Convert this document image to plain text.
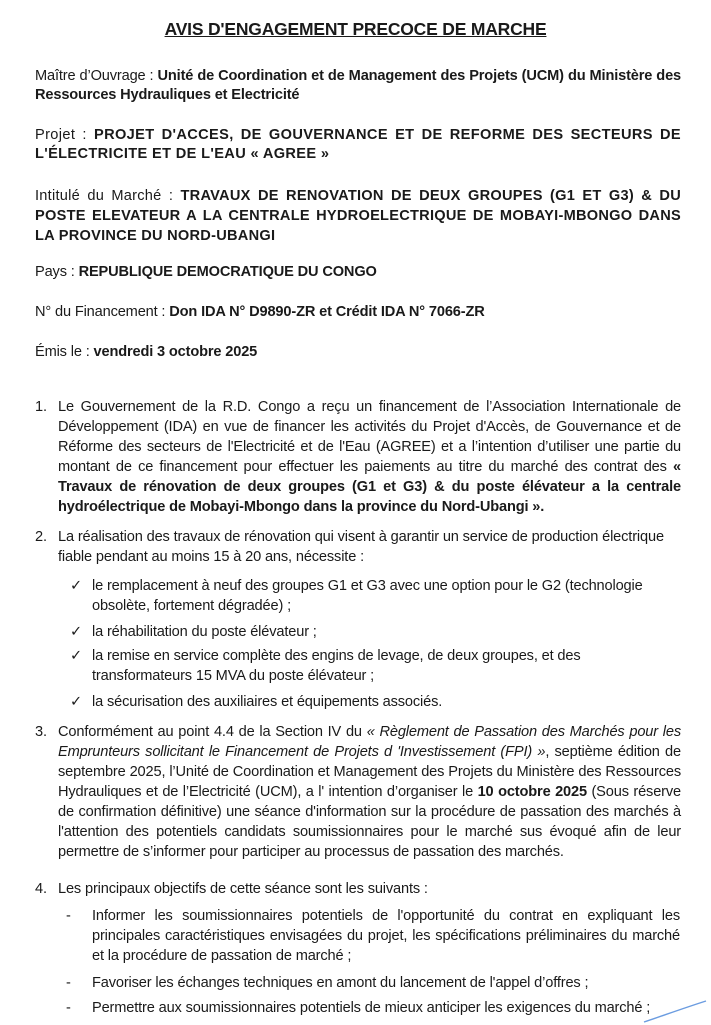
AVIS D'ENGAGEMENT PRECOCE DE MARCHE
Maître d’Ouvrage : Unité de Coordination et de Management des Projets (UCM) du Ministère des Ressources Hydrauliques et Electricité
Projet : PROJET D'ACCES, DE GOUVERNANCE ET DE REFORME DES SECTEURS DE L'ÉLECTRICITE ET DE L'EAU « AGREE »
Intitulé du Marché : TRAVAUX DE RENOVATION DE DEUX GROUPES (G1 ET G3) & DU POSTE ELEVATEUR A LA CENTRALE HYDROELECTRIQUE DE MOBAYI-MBONGO DANS LA PROVINCE DU NORD-UBANGI
Pays : REPUBLIQUE DEMOCRATIQUE DU CONGO
N° du Financement : Don IDA N° D9890-ZR et Crédit IDA N° 7066-ZR
Émis le : vendredi 3 octobre 2025
1. Le Gouvernement de la R.D. Congo a reçu un financement de l’Association Internationale de Développement (IDA) en vue de financer les activités du Projet d'Accès, de Gouvernance et de Réforme des secteurs de l'Electricité et de l'Eau (AGREE) et a l’intention d’utiliser une partie du montant de ce financement pour effectuer les paiements au titre du marché des contrat des « Travaux de rénovation de deux groupes (G1 et G3) & du poste élévateur a la centrale hydroélectrique de Mobayi-Mbongo dans la province du Nord-Ubangi ».
2. La réalisation des travaux de rénovation qui visent à garantir un service de production électrique fiable pendant au moins 15 à 20 ans, nécessite :
✓ le remplacement à neuf des groupes G1 et G3 avec une option pour le G2 (technologie obsolète, fortement dégradée) ;
✓ la réhabilitation du poste élévateur ;
✓ la remise en service complète des engins de levage, de deux groupes, et des transformateurs 15 MVA du poste élévateur ;
✓ la sécurisation des auxiliaires et équipements associés.
3. Conformément au point 4.4 de la Section IV du « Règlement de Passation des Marchés pour les Emprunteurs sollicitant le Financement de Projets d 'Investissement (FPI) », septième édition de septembre 2025, l’Unité de Coordination et Management des Projets du Ministère des Ressources Hydrauliques et de l’Electricité (UCM), a l' intention d’organiser le 10 octobre 2025 (Sous réserve de confirmation définitive) une séance d'information sur la procédure de passation des marchés à l'attention des potentiels candidats soumissionnaires pour le marché sus évoqué afin de leur permettre de s’informer pour participer au processus de passation des marchés.
4. Les principaux objectifs de cette séance sont les suivants :
- Informer les soumissionnaires potentiels de l'opportunité du contrat en expliquant les principales caractéristiques envisagées du projet, les spécifications préliminaires du marché et la procédure de passation de marché ;
- Favoriser les échanges techniques en amont du lancement de l'appel d’offres ;
- Permettre aux soumissionnaires potentiels de mieux anticiper les exigences du marché ;
